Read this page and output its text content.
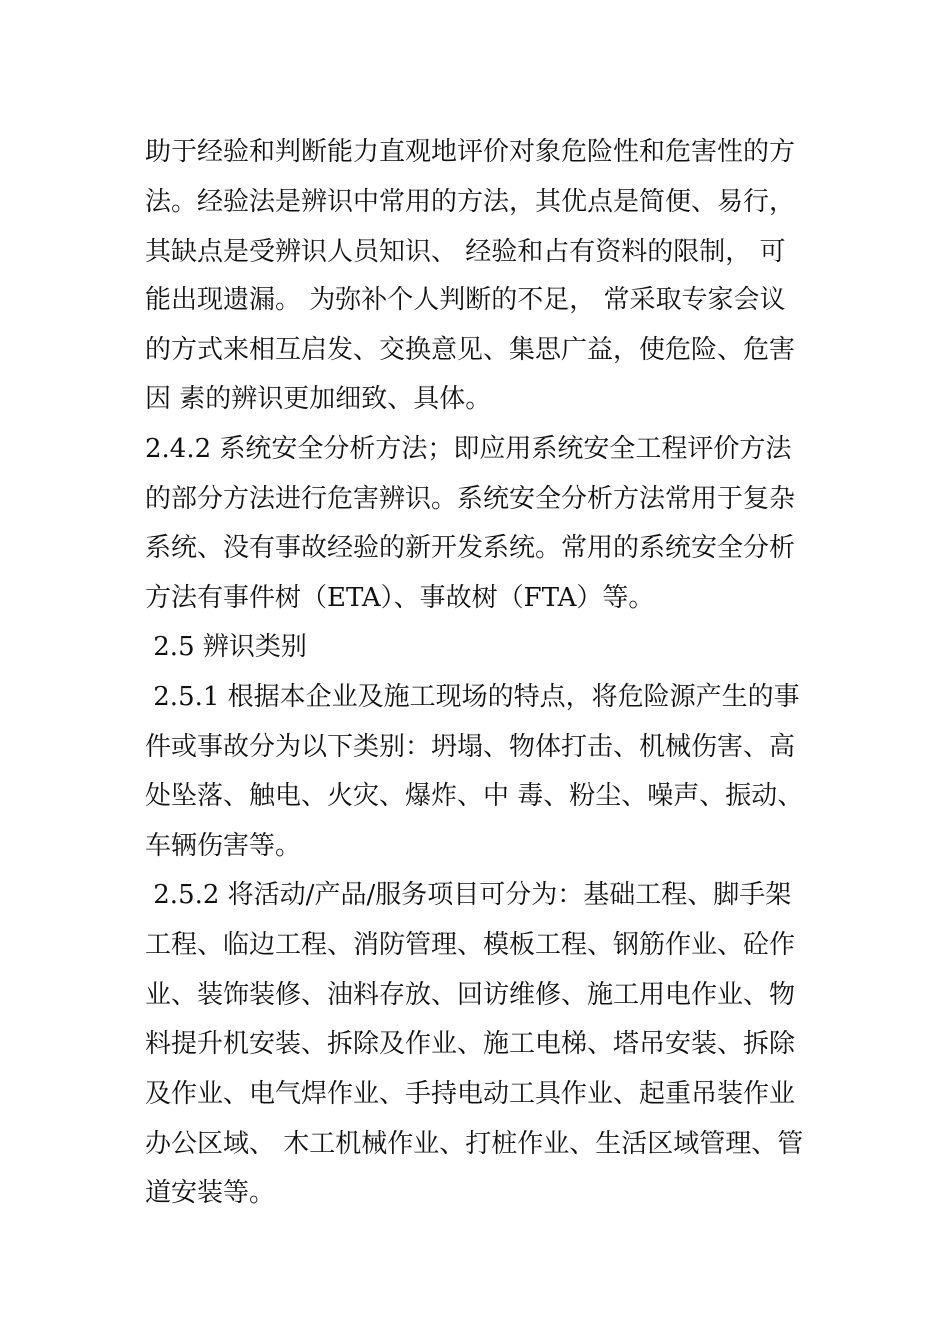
助于经验和判断能力直观地评价对象危险性和危害性的方
法。经验法是辨识中常用的方法，其优点是简便、易行，
其缺点是受辨识人员知识、 经验和占有资料的限制， 可
能出现遗漏。 为弥补个人判断的不足， 常采取专家会议
的方式来相互启发、交换意见、集思广益，使危险、危害
因 素的辨识更加细致、具体。
2.4.2 系统安全分析方法；即应用系统安全工程评价方法
的部分方法进行危害辨识。系统安全分析方法常用于复杂
系统、没有事故经验的新开发系统。常用的系统安全分析
方法有事件树（ETA）、事故树（FTA）等。
2.5 辨识类别
2.5.1 根据本企业及施工现场的特点，将危险源产生的事
件或事故分为以下类别：坍塌、物体打击、机械伤害、高
处坠落、触电、火灾、爆炸、中 毒、粉尘、噪声、振动、
车辆伤害等。
2.5.2 将活动/产品/服务项目可分为：基础工程、脚手架
工程、临边工程、消防管理、模板工程、钢筋作业、砼作
业、装饰装修、油料存放、回访维修、施工用电作业、物
料提升机安装、拆除及作业、施工电梯、塔吊安装、拆除
及作业、电气焊作业、手持电动工具作业、起重吊装作业
办公区域、 木工机械作业、打桩作业、生活区域管理、管
道安装等。
